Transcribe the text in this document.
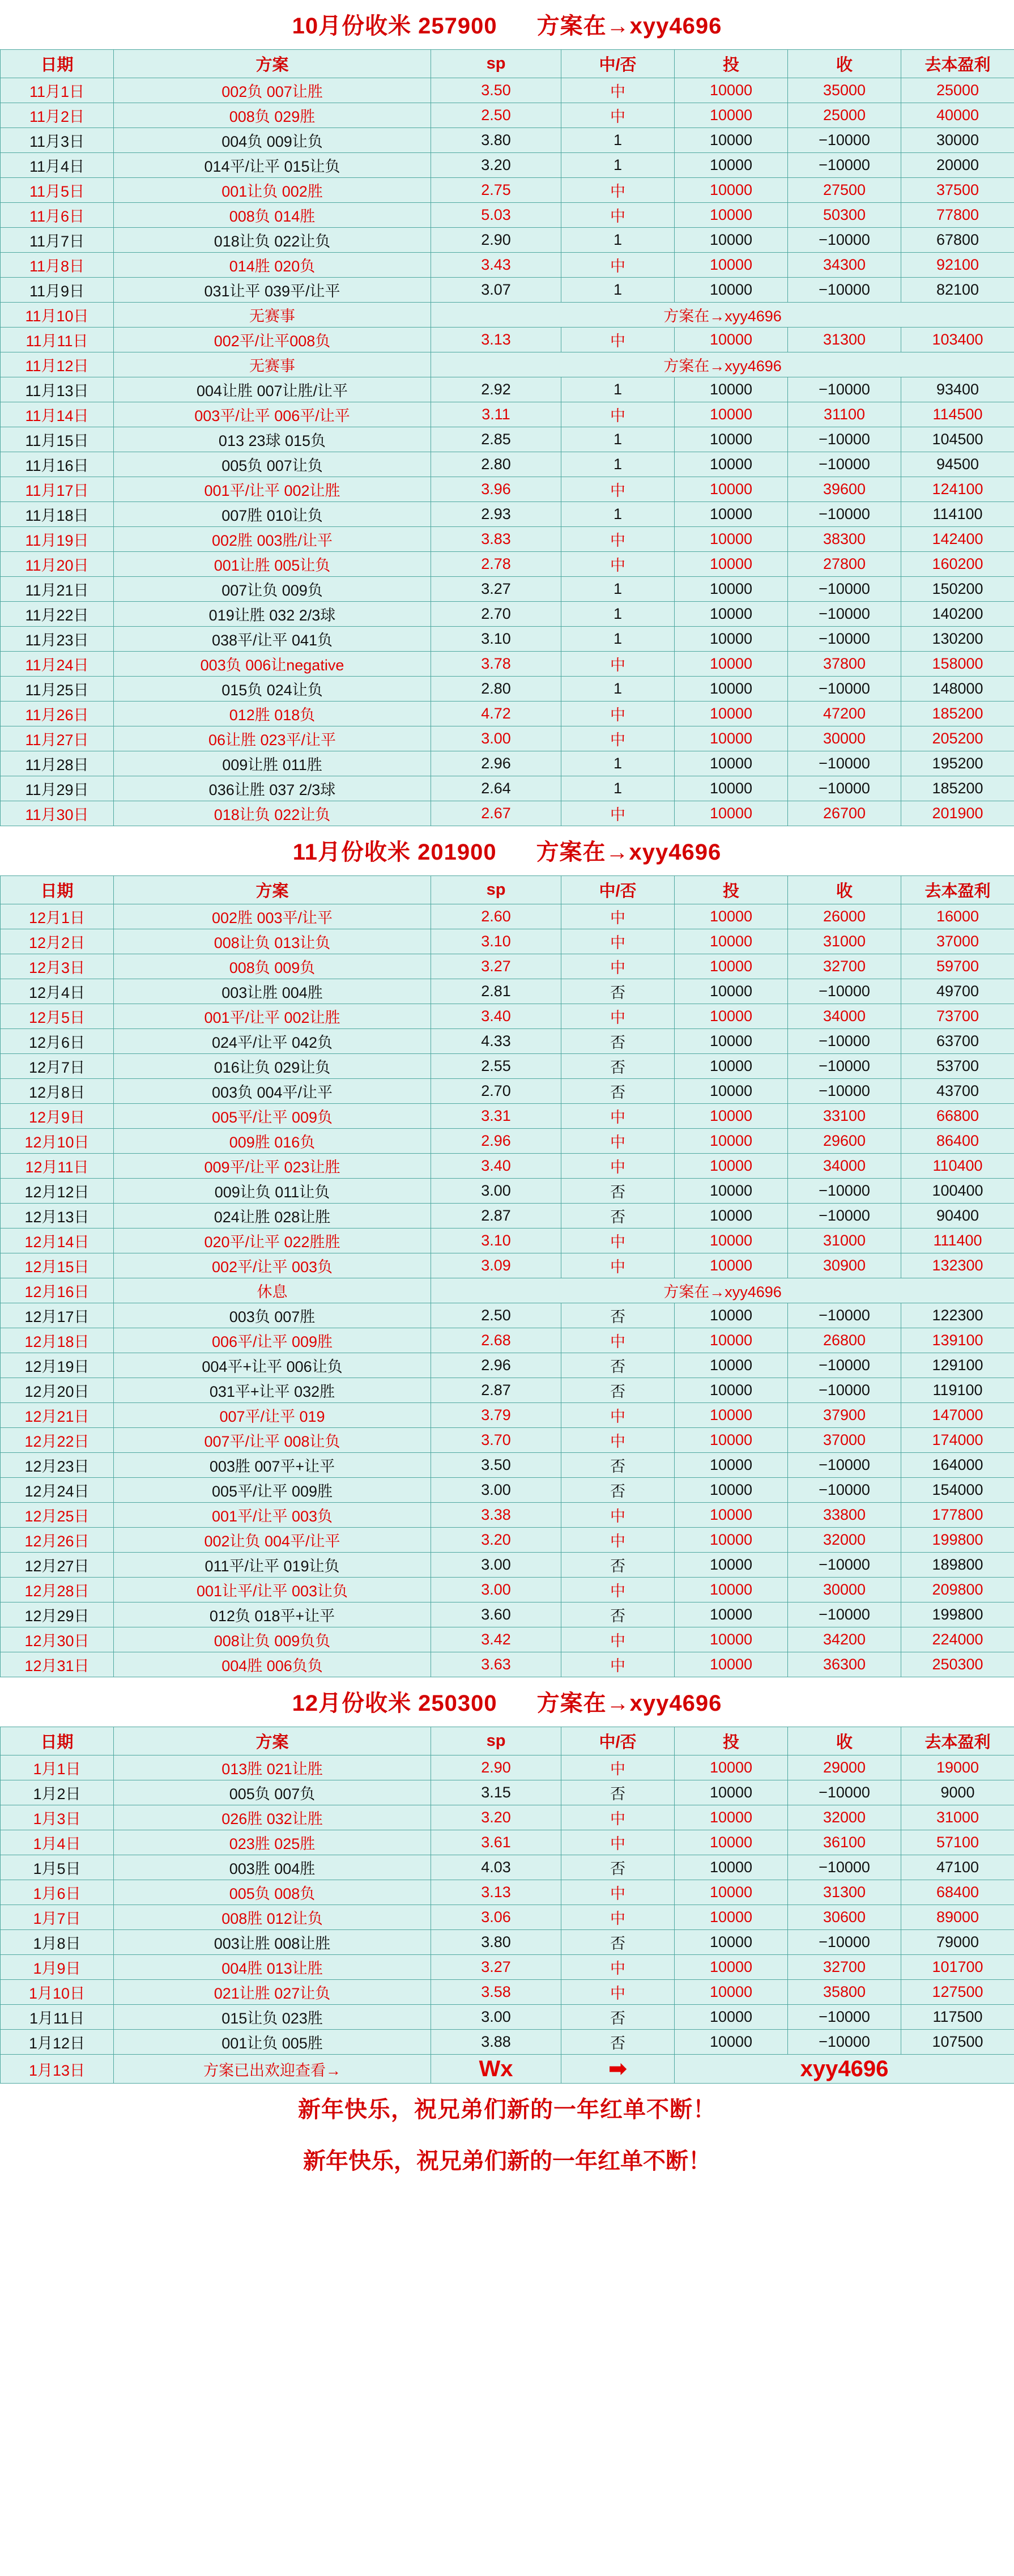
10月份收米 257900 方案在→xyy4696
日期	方案	sp	中/否	投	收	去本盈利
11月1日	002负 007让胜	3.50	中	10000	35000	25000
11月2日	008负 029胜	2.50	中	10000	25000	40000
11月3日	004负 009让负	3.80	1	10000	−10000	30000
11月4日	014平/让平 015让负	3.20	1	10000	−10000	20000
11月5日	001让负 002胜	2.75	中	10000	27500	37500
11月6日	008负 014胜	5.03	中	10000	50300	77800
11月7日	018让负 022让负	2.90	1	10000	−10000	67800
11月8日	014胜 020负	3.43	中	10000	34300	92100
11月9日	031让平 039平/让平	3.07	1	10000	−10000	82100
11月10日	无赛事	方案在→xyy4696				
11月11日	002平/让平008负	3.13	中	10000	31300	103400
11月12日	无赛事	方案在→xyy4696				
11月13日	004让胜 007让胜/让平	2.92	1	10000	−10000	93400
11月14日	003平/让平 006平/让平	3.11	中	10000	31100	114500
11月15日	013 23球 015负	2.85	1	10000	−10000	104500
11月16日	005负 007让负	2.80	1	10000	−10000	94500
11月17日	001平/让平 002让胜	3.96	中	10000	39600	124100
11月18日	007胜 010让负	2.93	1	10000	−10000	114100
11月19日	002胜 003胜/让平	3.83	中	10000	38300	142400
11月20日	001让胜 005让负	2.78	中	10000	27800	160200
11月21日	007让负 009负	3.27	1	10000	−10000	150200
11月22日	019让胜 032 2/3球	2.70	1	10000	−10000	140200
11月23日	038平/让平 041负	3.10	1	10000	−10000	130200
11月24日	003负 006让negative	3.78	中	10000	37800	158000
11月25日	015负 024让负	2.80	1	10000	−10000	148000
11月26日	012胜 018负	4.72	中	10000	47200	185200
11月27日	06让胜 023平/让平	3.00	中	10000	30000	205200
11月28日	009让胜 011胜	2.96	1	10000	−10000	195200
11月29日	036让胜 037 2/3球	2.64	1	10000	−10000	185200
11月30日	018让负 022让负	2.67	中	10000	26700	201900
11月份收米 201900 方案在→xyy4696
日期	方案	sp	中/否	投	收	去本盈利
12月1日	002胜 003平/让平	2.60	中	10000	26000	16000
12月2日	008让负 013让负	3.10	中	10000	31000	37000
12月3日	008负 009负	3.27	中	10000	32700	59700
12月4日	003让胜 004胜	2.81	否	10000	−10000	49700
12月5日	001平/让平 002让胜	3.40	中	10000	34000	73700
12月6日	024平/让平 042负	4.33	否	10000	−10000	63700
12月7日	016让负 029让负	2.55	否	10000	−10000	53700
12月8日	003负 004平/让平	2.70	否	10000	−10000	43700
12月9日	005平/让平 009负	3.31	中	10000	33100	66800
12月10日	009胜 016负	2.96	中	10000	29600	86400
12月11日	009平/让平 023让胜	3.40	中	10000	34000	110400
12月12日	009让负 011让负	3.00	否	10000	−10000	100400
12月13日	024让胜 028让胜	2.87	否	10000	−10000	90400
12月14日	020平/让平 022胜胜	3.10	中	10000	31000	111400
12月15日	002平/让平 003负	3.09	中	10000	30900	132300
12月16日	休息	方案在→xyy4696				
12月17日	003负 007胜	2.50	否	10000	−10000	122300
12月18日	006平/让平 009胜	2.68	中	10000	26800	139100
12月19日	004平+让平 006让负	2.96	否	10000	−10000	129100
12月20日	031平+让平 032胜	2.87	否	10000	−10000	119100
12月21日	007平/让平 019	3.79	中	10000	37900	147000
12月22日	007平/让平 008让负	3.70	中	10000	37000	174000
12月23日	003胜 007平+让平	3.50	否	10000	−10000	164000
12月24日	005平/让平 009胜	3.00	否	10000	−10000	154000
12月25日	001平/让平 003负	3.38	中	10000	33800	177800
12月26日	002让负 004平/让平	3.20	中	10000	32000	199800
12月27日	011平/让平 019让负	3.00	否	10000	−10000	189800
12月28日	001让平/让平 003让负	3.00	中	10000	30000	209800
12月29日	012负 018平+让平	3.60	否	10000	−10000	199800
12月30日	008让负 009负负	3.42	中	10000	34200	224000
12月31日	004胜 006负负	3.63	中	10000	36300	250300
12月份收米 250300 方案在→xyy4696
日期	方案	sp	中/否	投	收	去本盈利
1月1日	013胜 021让胜	2.90	中	10000	29000	19000
1月2日	005负 007负	3.15	否	10000	−10000	9000
1月3日	026胜 032让胜	3.20	中	10000	32000	31000
1月4日	023胜 025胜	3.61	中	10000	36100	57100
1月5日	003胜 004胜	4.03	否	10000	−10000	47100
1月6日	005负 008负	3.13	中	10000	31300	68400
1月7日	008胜 012让负	3.06	中	10000	30600	89000
1月8日	003让胜 008让胜	3.80	否	10000	−10000	79000
1月9日	004胜 013让胜	3.27	中	10000	32700	101700
1月10日	021让胜 027让负	3.58	中	10000	35800	127500
1月11日	015让负 023胜	3.00	否	10000	−10000	117500
1月12日	001让负 005胜	3.88	否	10000	−10000	107500
1月13日	方案已出欢迎查看→	Wx	➡	xyy4696		
新年快乐，祝兄弟们新的一年红单不断！
新年快乐，祝兄弟们新的一年红单不断！
